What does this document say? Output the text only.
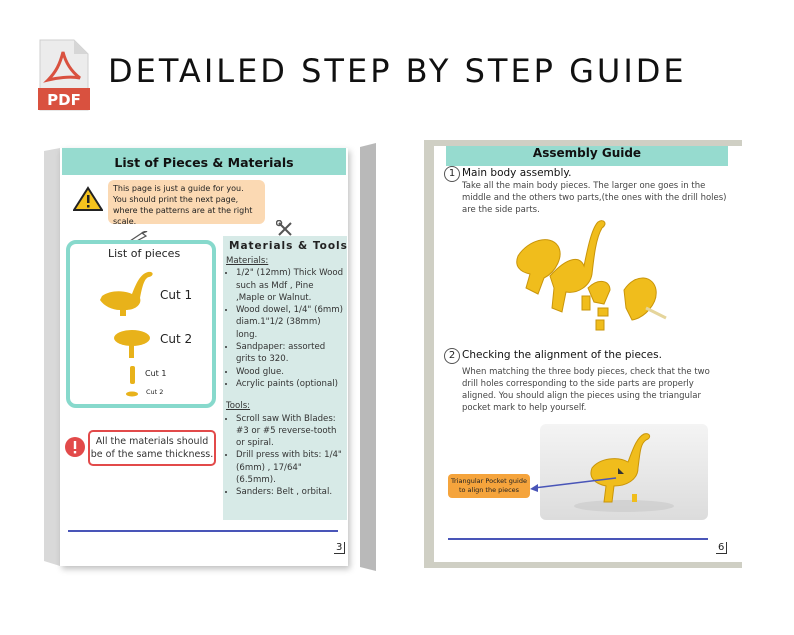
PDF
DETAILED STEP BY STEP GUIDE
List of Pieces & Materials
This page is just a guide for you.
You should print the next page,
where the patterns are at the right scale.
List of pieces
Cut 1
Cut 2
Cut 1
Cut 2
Materials & Tools
Materials:
• 1/2" (12mm) Thick Wood such as Mdf , Pine ,Maple or Walnut.
• Wood dowel, 1/4" (6mm) diam.1"1/2 (38mm) long.
• Sandpaper: assorted grits to 320.
• Wood glue.
• Acrylic paints (optional)
Tools:
• Scroll saw With Blades: #3 or #5 reverse-tooth or spiral.
• Drill press with bits: 1/4" (6mm) , 17/64" (6.5mm).
• Sanders: Belt , orbital.
All the materials should be of the same thickness.
3
Assembly Guide
1 Main body assembly.
Take all the main body pieces. The larger one goes in the middle and the others two parts,(the ones with the drill holes) are the side parts.
2 Checking the alignment of the pieces.
When matching the three body pieces, check that the two drill holes corresponding to the side parts are properly aligned. You should align the pieces using the triangular pocket mark to help yourself.
Triangular Pocket guide to align the pieces
6
